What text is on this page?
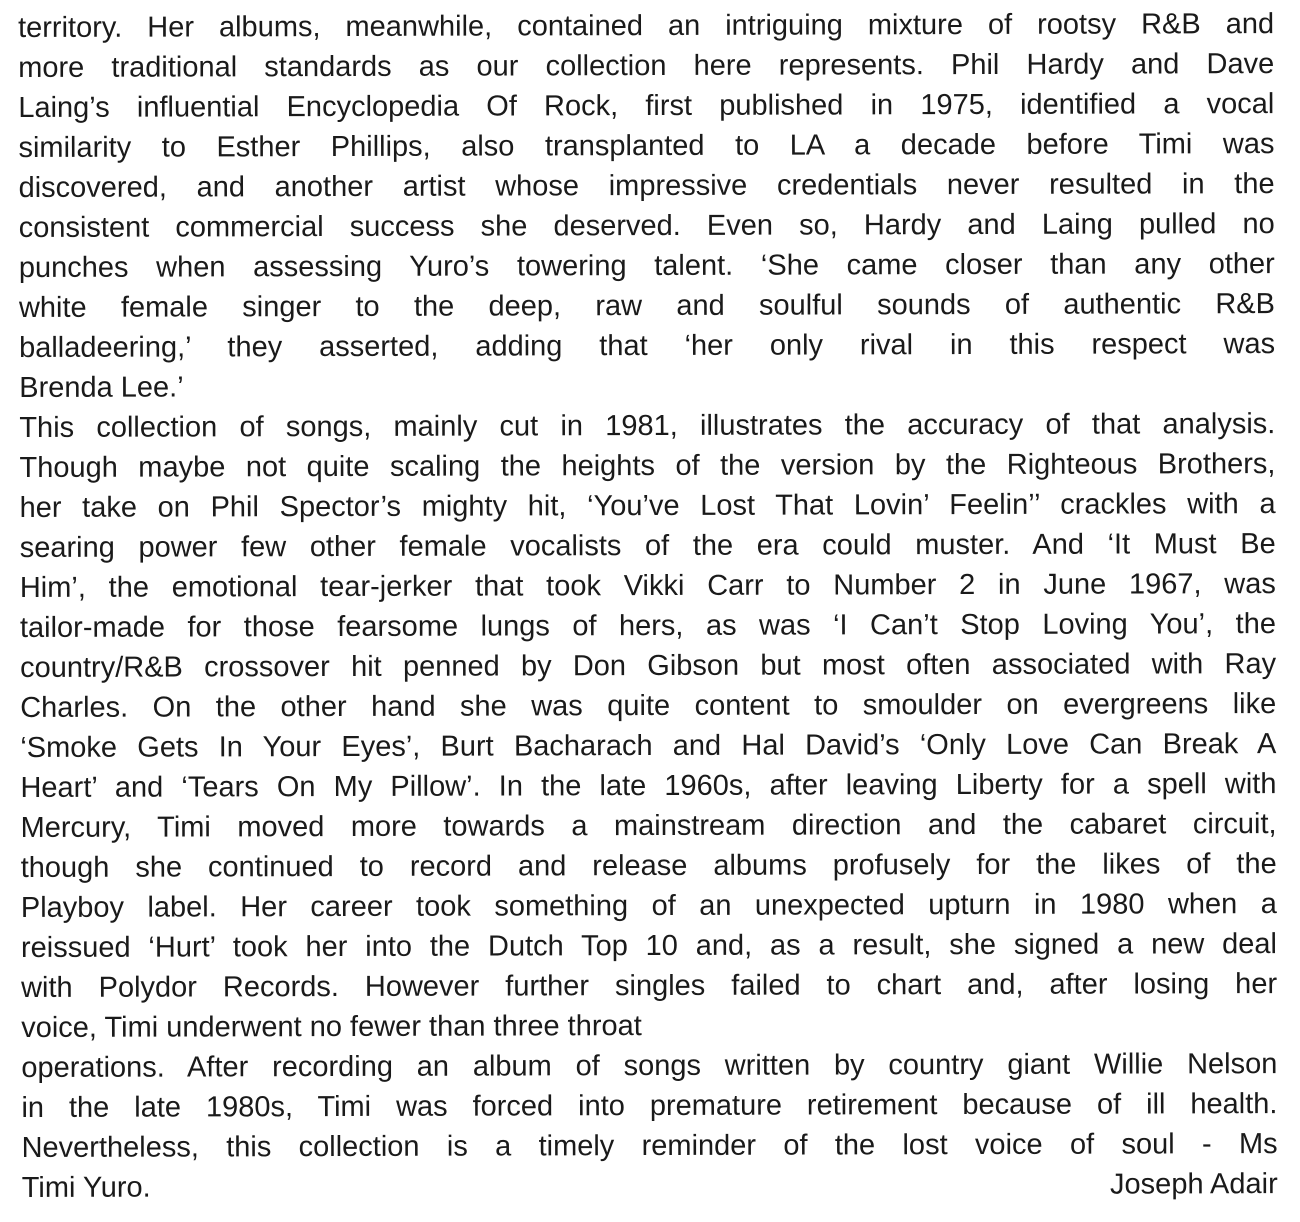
territory. Her albums, meanwhile, contained an intriguing mixture of rootsy R&B and
more traditional standards as our collection here represents. Phil Hardy and Dave
Laing’s influential Encyclopedia Of Rock, first published in 1975, identified a vocal
similarity to Esther Phillips, also transplanted to LA a decade before Timi was
discovered, and another artist whose impressive credentials never resulted in the
consistent commercial success she deserved. Even so, Hardy and Laing pulled no
punches when assessing Yuro’s towering talent. ‘She came closer than any other
white female singer to the deep, raw and soulful sounds of authentic R&B
balladeering,’ they asserted, adding that ‘her only rival in this respect was
Brenda Lee.’
This collection of songs, mainly cut in 1981, illustrates the accuracy of that analysis.
Though maybe not quite scaling the heights of the version by the Righteous Brothers,
her take on Phil Spector’s mighty hit, ‘You’ve Lost That Lovin’ Feelin’’ crackles with a
searing power few other female vocalists of the era could muster. And ‘It Must Be
Him’, the emotional tear-jerker that took Vikki Carr to Number 2 in June 1967, was
tailor-made for those fearsome lungs of hers, as was ‘I Can’t Stop Loving You’, the
country/R&B crossover hit penned by Don Gibson but most often associated with Ray
Charles. On the other hand she was quite content to smoulder on evergreens like
‘Smoke Gets In Your Eyes’, Burt Bacharach and Hal David’s ‘Only Love Can Break A
Heart’ and ‘Tears On My Pillow’. In the late 1960s, after leaving Liberty for a spell with
Mercury, Timi moved more towards a mainstream direction and the cabaret circuit,
though she continued to record and release albums profusely for the likes of the
Playboy label. Her career took something of an unexpected upturn in 1980 when a
reissued ‘Hurt’ took her into the Dutch Top 10 and, as a result, she signed a new deal
with Polydor Records. However further singles failed to chart and, after losing her
voice, Timi underwent no fewer than three throat
operations. After recording an album of songs written by country giant Willie Nelson
in the late 1980s, Timi was forced into premature retirement because of ill health.
Nevertheless, this collection is a timely reminder of the lost voice of soul - Ms
Timi Yuro.	Joseph Adair
